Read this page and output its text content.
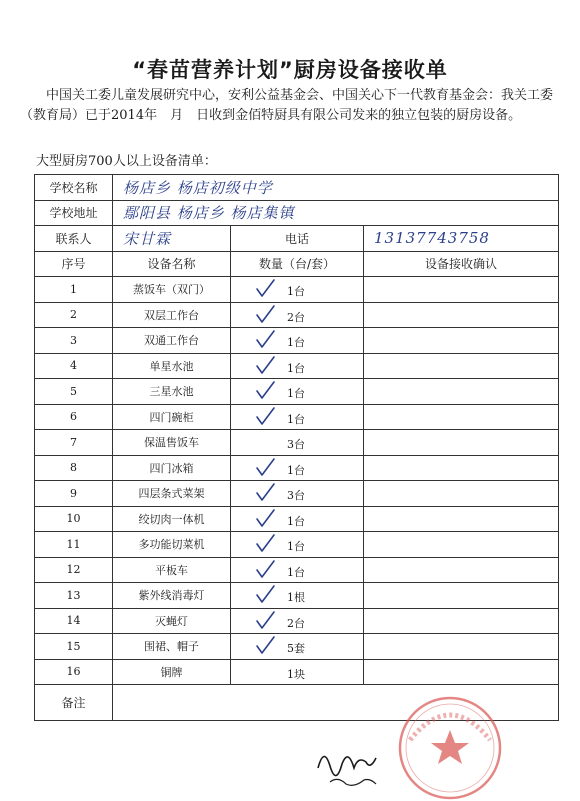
“春苗营养计划”厨房设备接收单
中国关工委儿童发展研究中心，安利公益基金会、中国关心下一代教育基金会：我关工委（教育局）已于2014年　月　日收到金佰特厨具有限公司发来的独立包装的厨房设备。
大型厨房700人以上设备清单：
学校名称	杨店乡 杨店初级中学		
学校地址	鄢阳县 杨店乡 杨店集镇		
联系人	宋甘霖	电话	13137743758
序号	设备名称	数量（台/套）	设备接收确认
1	蒸饭车（双门）	1台	

2	双层工作台	2台	

3	双通工作台	1台	

4	单星水池	1台	

5	三星水池	1台	

6	四门碗柜	1台	

7	保温售饭车	3台	

8	四门冰箱	1台	

9	四层条式菜架	3台	

10	绞切肉一体机	1台	

11	多功能切菜机	1台	

12	平板车	1台	

13	紫外线消毒灯	1根	

14	灭蝇灯	2台	

15	围裙、帽子	5套	

16	铜牌	1块	

备注			
